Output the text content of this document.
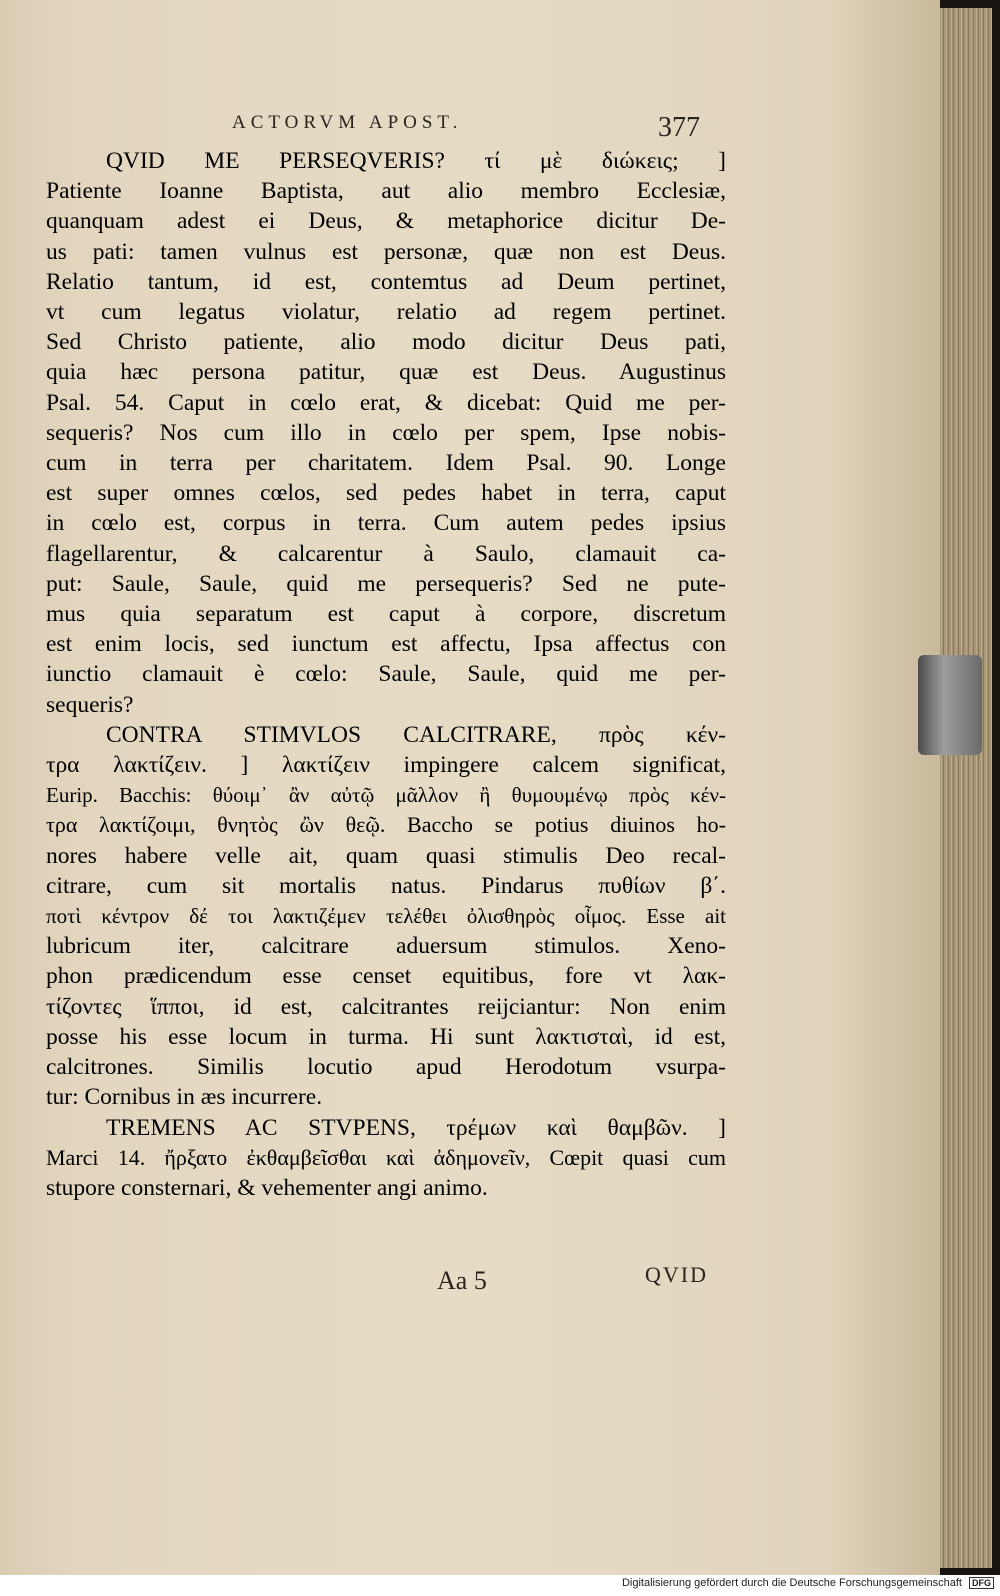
ACTORVM APOST.	377
QVID ME PERSEQVERIS? τί μὲ διώκεις; ]
Patiente Ioanne Baptista, aut alio membro Ecclesiæ,
quanquam adest ei Deus, & metaphorice dicitur De-
us pati: tamen vulnus est personæ, quæ non est Deus.
Relatio tantum, id est, contemtus ad Deum pertinet,
vt cum legatus violatur, relatio ad regem pertinet.
Sed Christo patiente, alio modo dicitur Deus pati,
quia hæc persona patitur, quæ est Deus. Augustinus
Psal. 54. Caput in cœlo erat, & dicebat: Quid me per-
sequeris? Nos cum illo in cœlo per spem, Ipse nobis-
cum in terra per charitatem. Idem Psal. 90. Longe
est super omnes cœlos, sed pedes habet in terra, caput
in cœlo est, corpus in terra. Cum autem pedes ipsius
flagellarentur, & calcarentur à Saulo, clamauit ca-
put: Saule, Saule, quid me persequeris? Sed ne pute-
mus quia separatum est caput à corpore, discretum
est enim locis, sed iunctum est affectu, Ipsa affectus con
iunctio clamauit è cœlo: Saule, Saule, quid me per-
sequeris?
CONTRA STIMVLOS CALCITRARE, πρὸς κέν-
τρα λακτίζειν. ] λακτίζειν impingere calcem significat,
Eurip. Bacchis: θύοιμ᾽ ἂν αὐτῷ μᾶλλον ἢ θυμουμένῳ πρὸς κέν-
τρα λακτίζοιμι, θνητὸς ὢν θεῷ. Baccho se potius diuinos ho-
nores habere velle ait, quam quasi stimulis Deo recal-
citrare, cum sit mortalis natus. Pindarus πυθίων β΄.
ποτὶ κέντρον δέ τοι λακτιζέμεν τελέθει ὀλισθηρὸς οἶμος. Esse ait
lubricum iter, calcitrare aduersum stimulos. Xeno-
phon prædicendum esse censet equitibus, fore vt λακ-
τίζοντες ἵπποι, id est, calcitrantes reijciantur: Non enim
posse his esse locum in turma. Hi sunt λακτισταὶ, id est,
calcitrones. Similis locutio apud Herodotum vsurpa-
tur: Cornibus in æs incurrere.
TREMENS AC STVPENS, τρέμων καὶ θαμβῶν. ]
Marci 14. ἤρξατο ἐκθαμβεῖσθαι καὶ ἀδημονεῖν, Cœpit quasi cum
stupore consternari, & vehementer angi animo.
Aa 5	QVID
Digitalisierung gefördert durch die Deutsche Forschungsgemeinschaft DFG
